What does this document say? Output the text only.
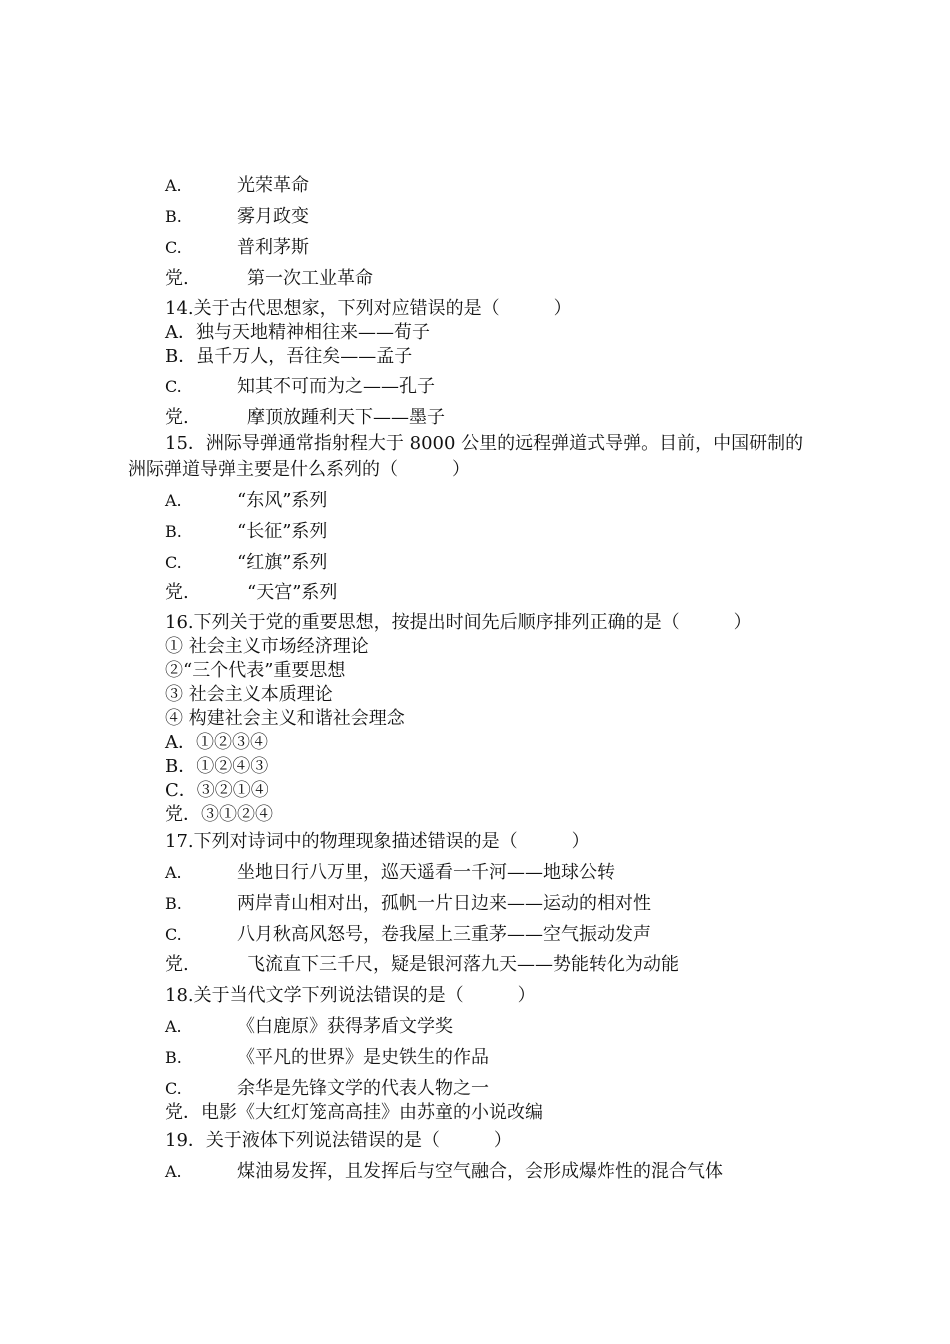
A.	光荣革命
B.	雾月政变
C.	普利茅斯
党.	第一次工业革命
14.关于古代思想家，下列对应错误的是（　　　）
A．独与天地精神相往来——荀子
B．虽千万人，吾往矣——孟子
C.	知其不可而为之——孔子
党.	摩顶放踵利天下——墨子
15．洲际导弹通常指射程大于 8000 公里的远程弹道式导弹。目前，中国研制的
洲际弹道导弹主要是什么系列的（　　　）
A.	“东风”系列
B.	“长征”系列
C.	“红旗”系列
党.	“天宫”系列
16.下列关于党的重要思想，按提出时间先后顺序排列正确的是（　　　）
① 社会主义市场经济理论
②“三个代表”重要思想
③ 社会主义本质理论
④ 构建社会主义和谐社会理念
A．①②③④
B．①②④③
C．③②①④
党．③①②④
17.下列对诗词中的物理现象描述错误的是（　　　）
A.	坐地日行八万里，巡天遥看一千河——地球公转
B.	两岸青山相对出，孤帆一片日边来——运动的相对性
C.	八月秋高风怒号，卷我屋上三重茅——空气振动发声
党.	飞流直下三千尺，疑是银河落九天——势能转化为动能
18.关于当代文学下列说法错误的是（　　　）
A.	《白鹿原》获得茅盾文学奖
B.	《平凡的世界》是史铁生的作品
C.	余华是先锋文学的代表人物之一
党．电影《大红灯笼高高挂》由苏童的小说改编
19．关于液体下列说法错误的是（　　　）
A.	煤油易发挥，且发挥后与空气融合，会形成爆炸性的混合气体
